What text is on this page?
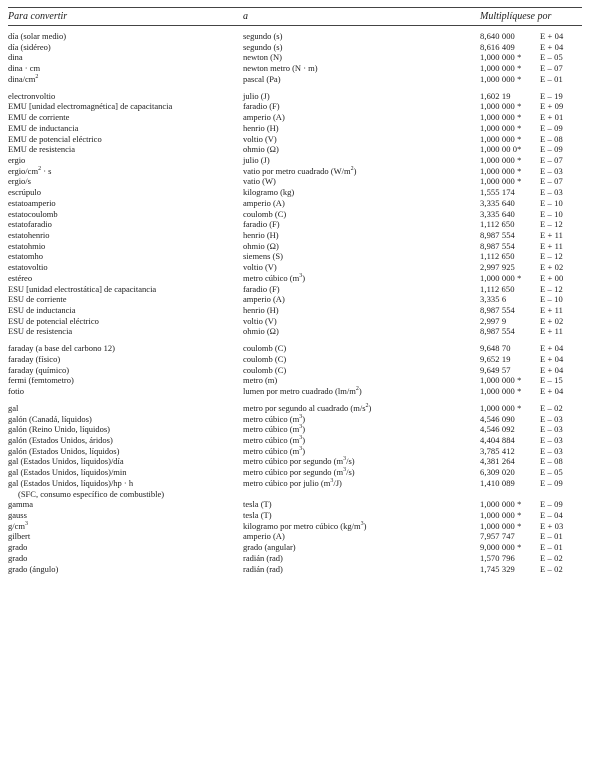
Para convertir	a	Multiplíquese por
día (solar medio)	segundo (s)	8,640 000	E + 04
día (sidéreo)	segundo (s)	8,616 409	E + 04
dina	newton (N)	1,000 000 * E – 05
dina · cm	newton metro (N · m)	1,000 000 * E – 07
dina/$cm^2$	pascal (Pa)	1,000 000 * E – 01
electronvoltio	julio (J)	1,602 19	E – 19
EMU [unidad electromagnética] de capacitancia	faradio (F)	1,000 000 * E + 09
EMU de corriente	amperio (A)	1,000 000 * E + 01
EMU de inductancia	henrio (H)	1,000 000 * E – 09
EMU de potencial eléctrico	voltio (V)	1,000 000 * E – 08
EMU de resistencia	ohmio (Ω)	1,000 00 0* E – 09
ergio	julio (J)	1,000 000 * E – 07
ergio/$cm^2 \cdot s$	vatio por metro cuadrado $(W/m^2)$	1,000 000 * E – 03
ergio/s	vatio (W)	1,000 000 * E – 07
escrúpulo	kilogramo (kg)	1,555 174	E – 03
estatoamperio	amperio (A)	3,335 640	E – 10
estatocoulomb	coulomb (C)	3,335 640	E – 10
estatofaradio	faradio (F)	1,112 650	E – 12
estatohenrio	henrio (H)	8,987 554	E + 11
estatohmio	ohmio (Ω)	8,987 554	E + 11
estatomho	siemens (S)	1,112 650	E – 12
estatovoltio	voltio (V)	2,997 925	E + 02
estéreo	metro cúbico $(m^3)$	1,000 000 * E + 00
ESU [unidad electrostática] de capacitancia	faradio (F)	1,112 650	E – 12
ESU de corriente	amperio (A)	3,335 6	E – 10
ESU de inductancia	henrio (H)	8,987 554	E + 11
ESU de potencial eléctrico	voltio (V)	2,997 9	E + 02
ESU de resistencia	ohmio (Ω)	8,987 554	E + 11
faraday (a base del carbono 12)	coulomb (C)	9,648 70	E + 04
faraday (físico)	coulomb (C)	9,652 19	E + 04
faraday (químico)	coulomb (C)	9,649 57	E + 04
fermi (femtometro)	metro (m)	1,000 000 * E – 15
fotio	lumen por metro cuadrado $(lm/m^2)$	1,000 000 * E + 04
gal	metro por segundo al cuadrado $(m/s^2)$	1,000 000 * E – 02
galón (Canadá, líquidos)	metro cúbico $(m^3)$	4,546 090	E – 03
galón (Reino Unido, líquidos)	metro cúbico $(m^3)$	4,546 092	E – 03
galón (Estados Unidos, áridos)	metro cúbico $(m^3)$	4,404 884	E – 03
galón (Estados Unidos, líquidos)	metro cúbico $(m^3)$	3,785 412	E – 03
gal (Estados Unidos, líquidos)/día	metro cúbico por segundo $(m^3/s)$	4,381 264	E – 08
gal (Estados Unidos, líquidos)/min	metro cúbico por segundo $(m^3/s)$	6,309 020	E – 05
gal (Estados Unidos, líquidos)/hp · h	metro cúbico por julio $(m^3/J)$	1,410 089	E – 09
(SFC, consumo específico de combustible)
gamma	tesla (T)	1,000 000 * E – 09
gauss	tesla (T)	1,000 000 * E – 04
$g/cm^3$	kilogramo por metro cúbico $(kg/m^3)$	1,000 000 * E + 03
gilbert	amperio (A)	7,957 747	E – 01
grado	grado (angular)	9,000 000 * E – 01
grado	radián (rad)	1,570 796	E – 02
grado (ángulo)	radián (rad)	1,745 329	E – 02
